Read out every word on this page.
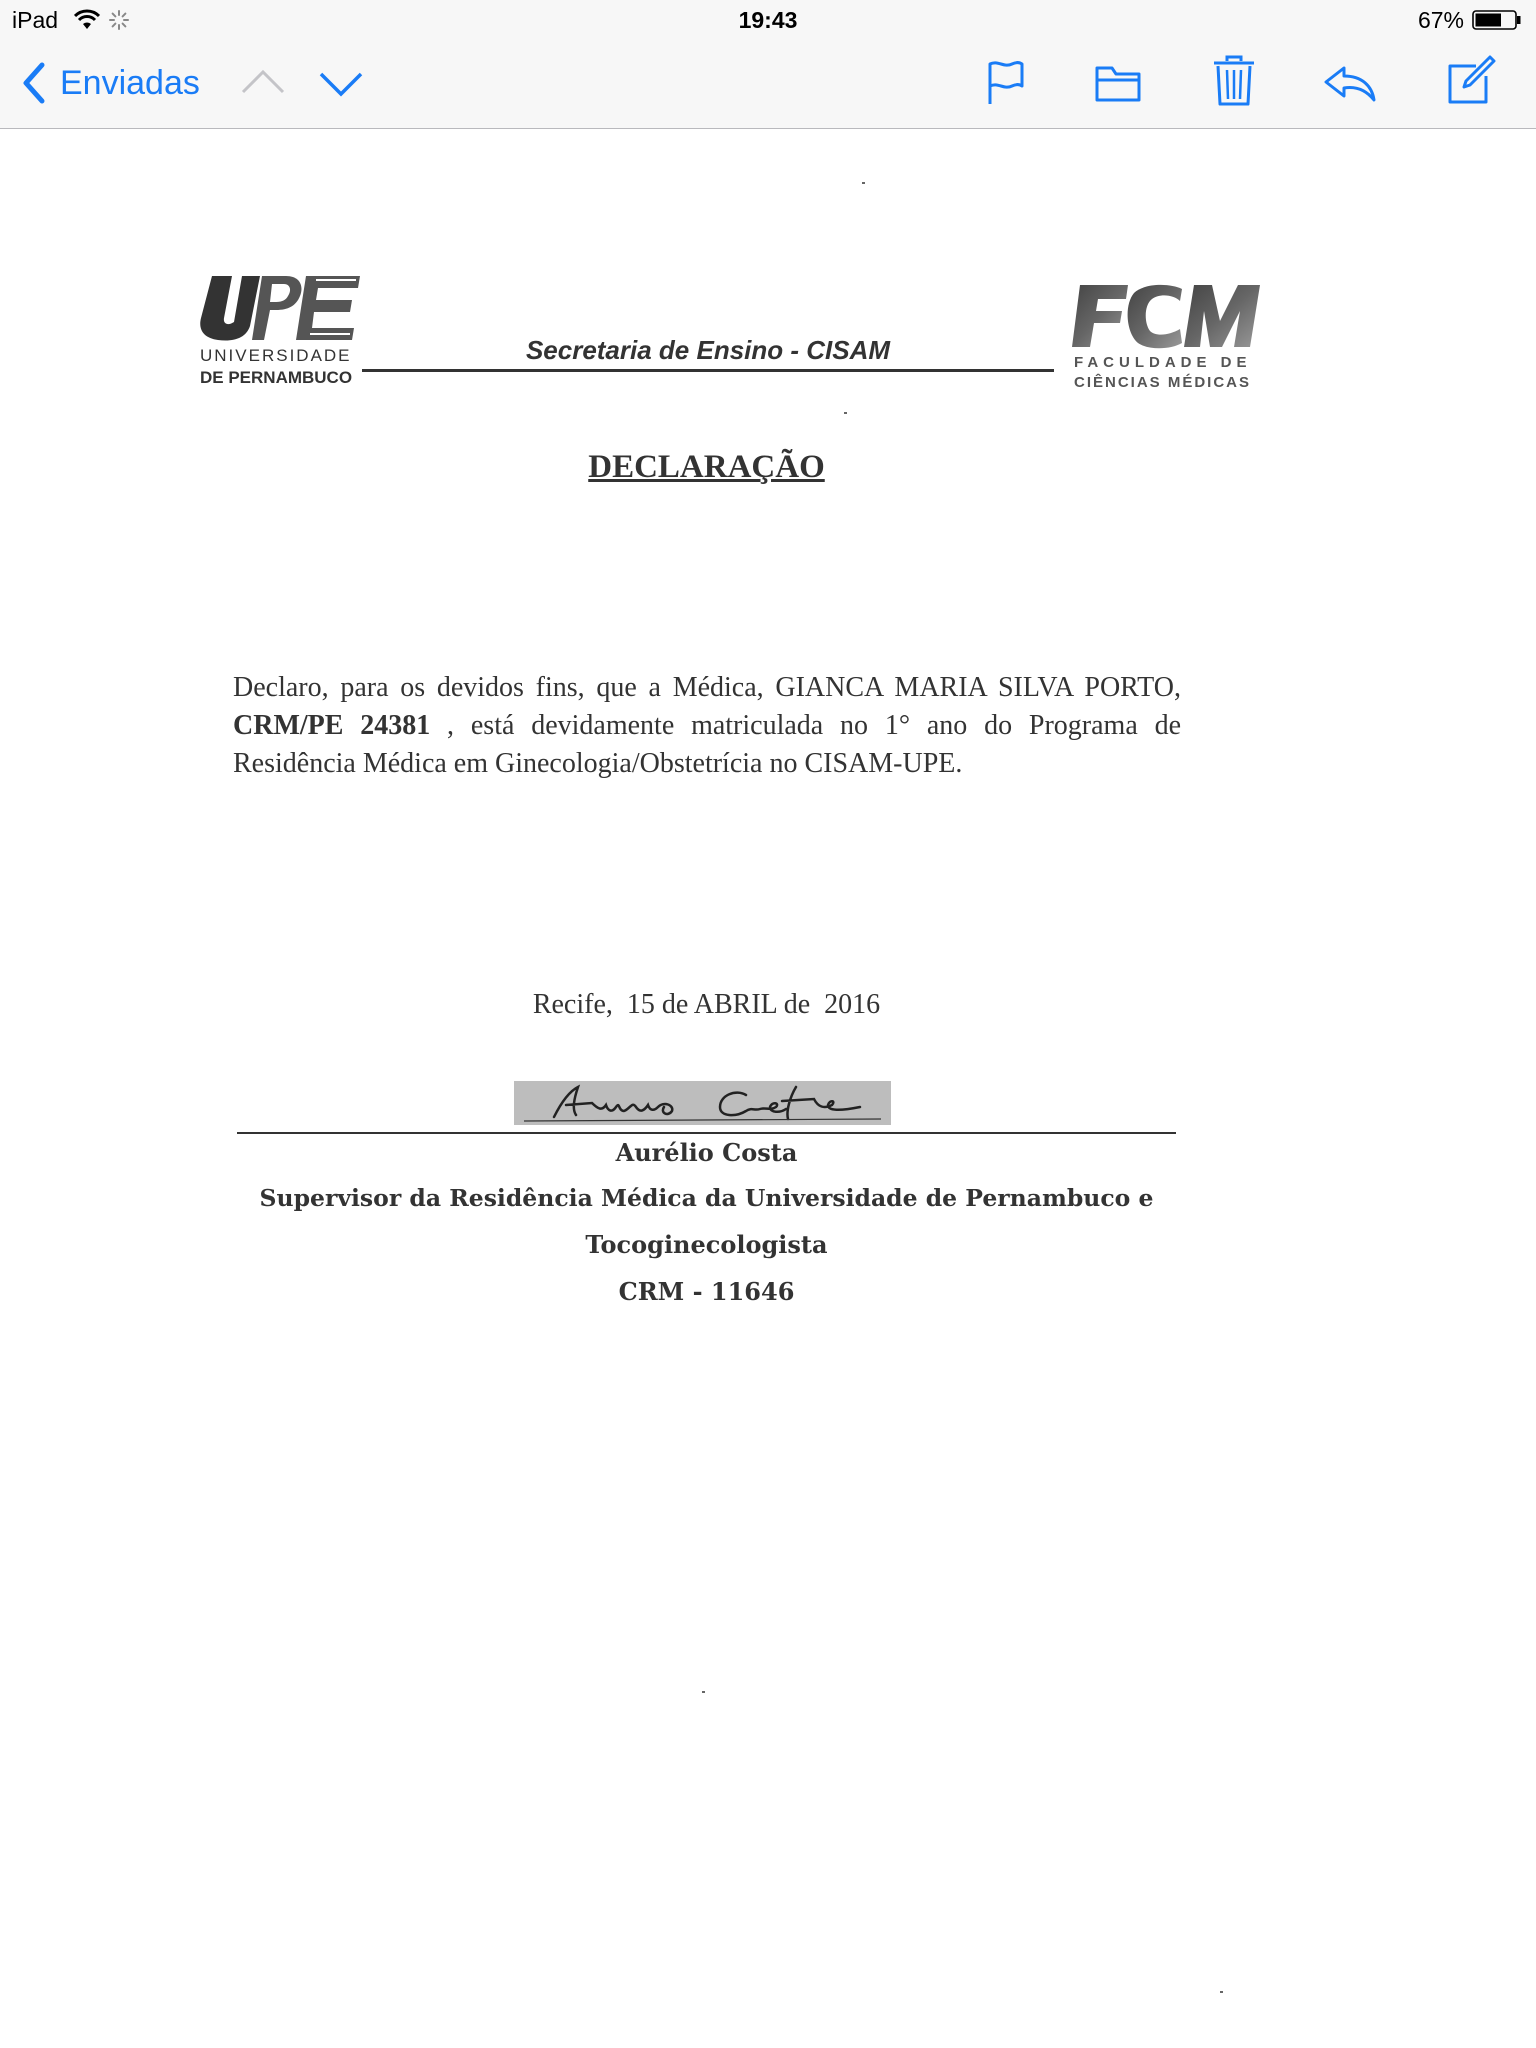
iPad	19:43	67%
Enviadas
UNIVERSIDADE
DE PERNAMBUCO
Secretaria de Ensino - CISAM	FACULDADE DE
CIÊNCIAS MÉDICAS
DECLARAÇÃO
Declaro, para os devidos fins, que a Médica, GIANCA MARIA SILVA PORTO, CRM/PE 24381 , está devidamente matriculada no 1° ano do Programa de Residência Médica em Ginecologia/Obstetrícia no CISAM-UPE.
Recife,  15 de ABRIL de  2016
Aurélio Costa
Supervisor da Residência Médica da Universidade de Pernambuco e
Tocoginecologista
CRM - 11646
